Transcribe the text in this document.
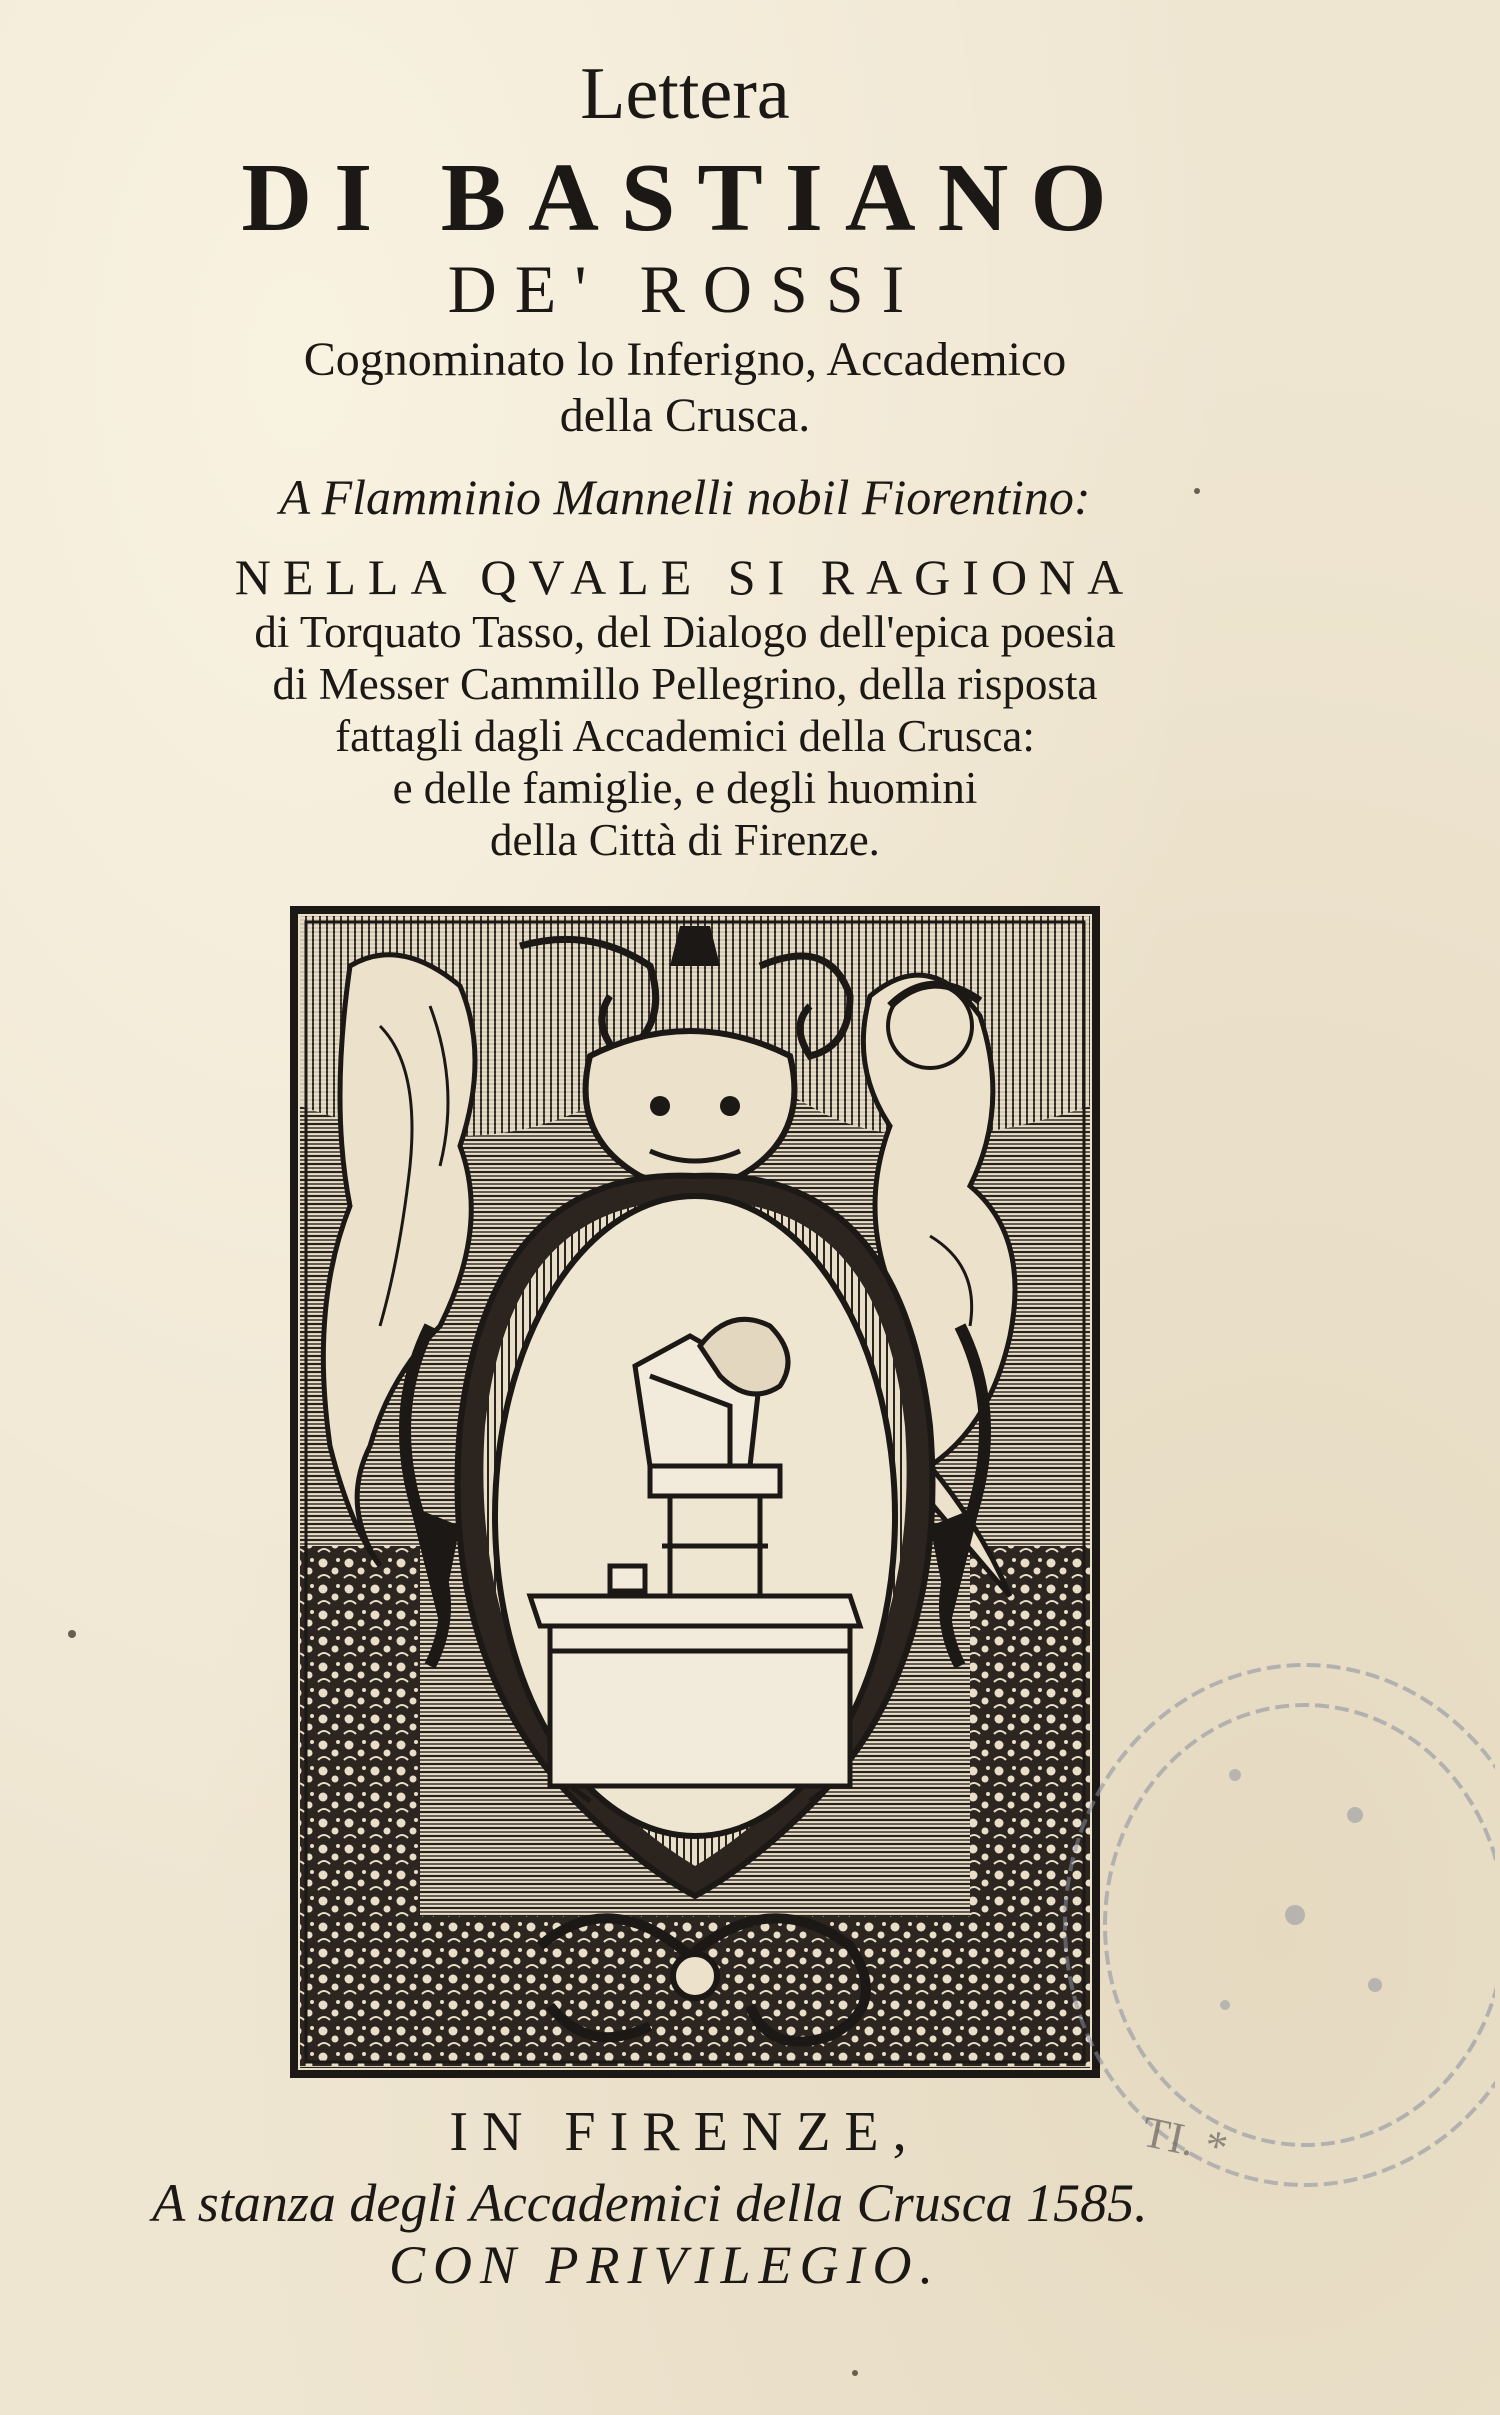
Lettera
DI BASTIANO
DE' ROSSI
Cognominato lo Inferigno, Accademico
della Crusca.
A Flamminio Mannelli nobil Fiorentino:
NELLA QVALE SI RAGIONA
di Torquato Tasso, del Dialogo dell'epica poesia
di Messer Cammillo Pellegrino, della risposta
fattagli dagli Accademici della Crusca:
e delle famiglie, e degli huomini
della Città di Firenze.
IN FIRENZE,
A stanza degli Accademici della Crusca 1585.
CON PRIVILEGIO.
TI. *
